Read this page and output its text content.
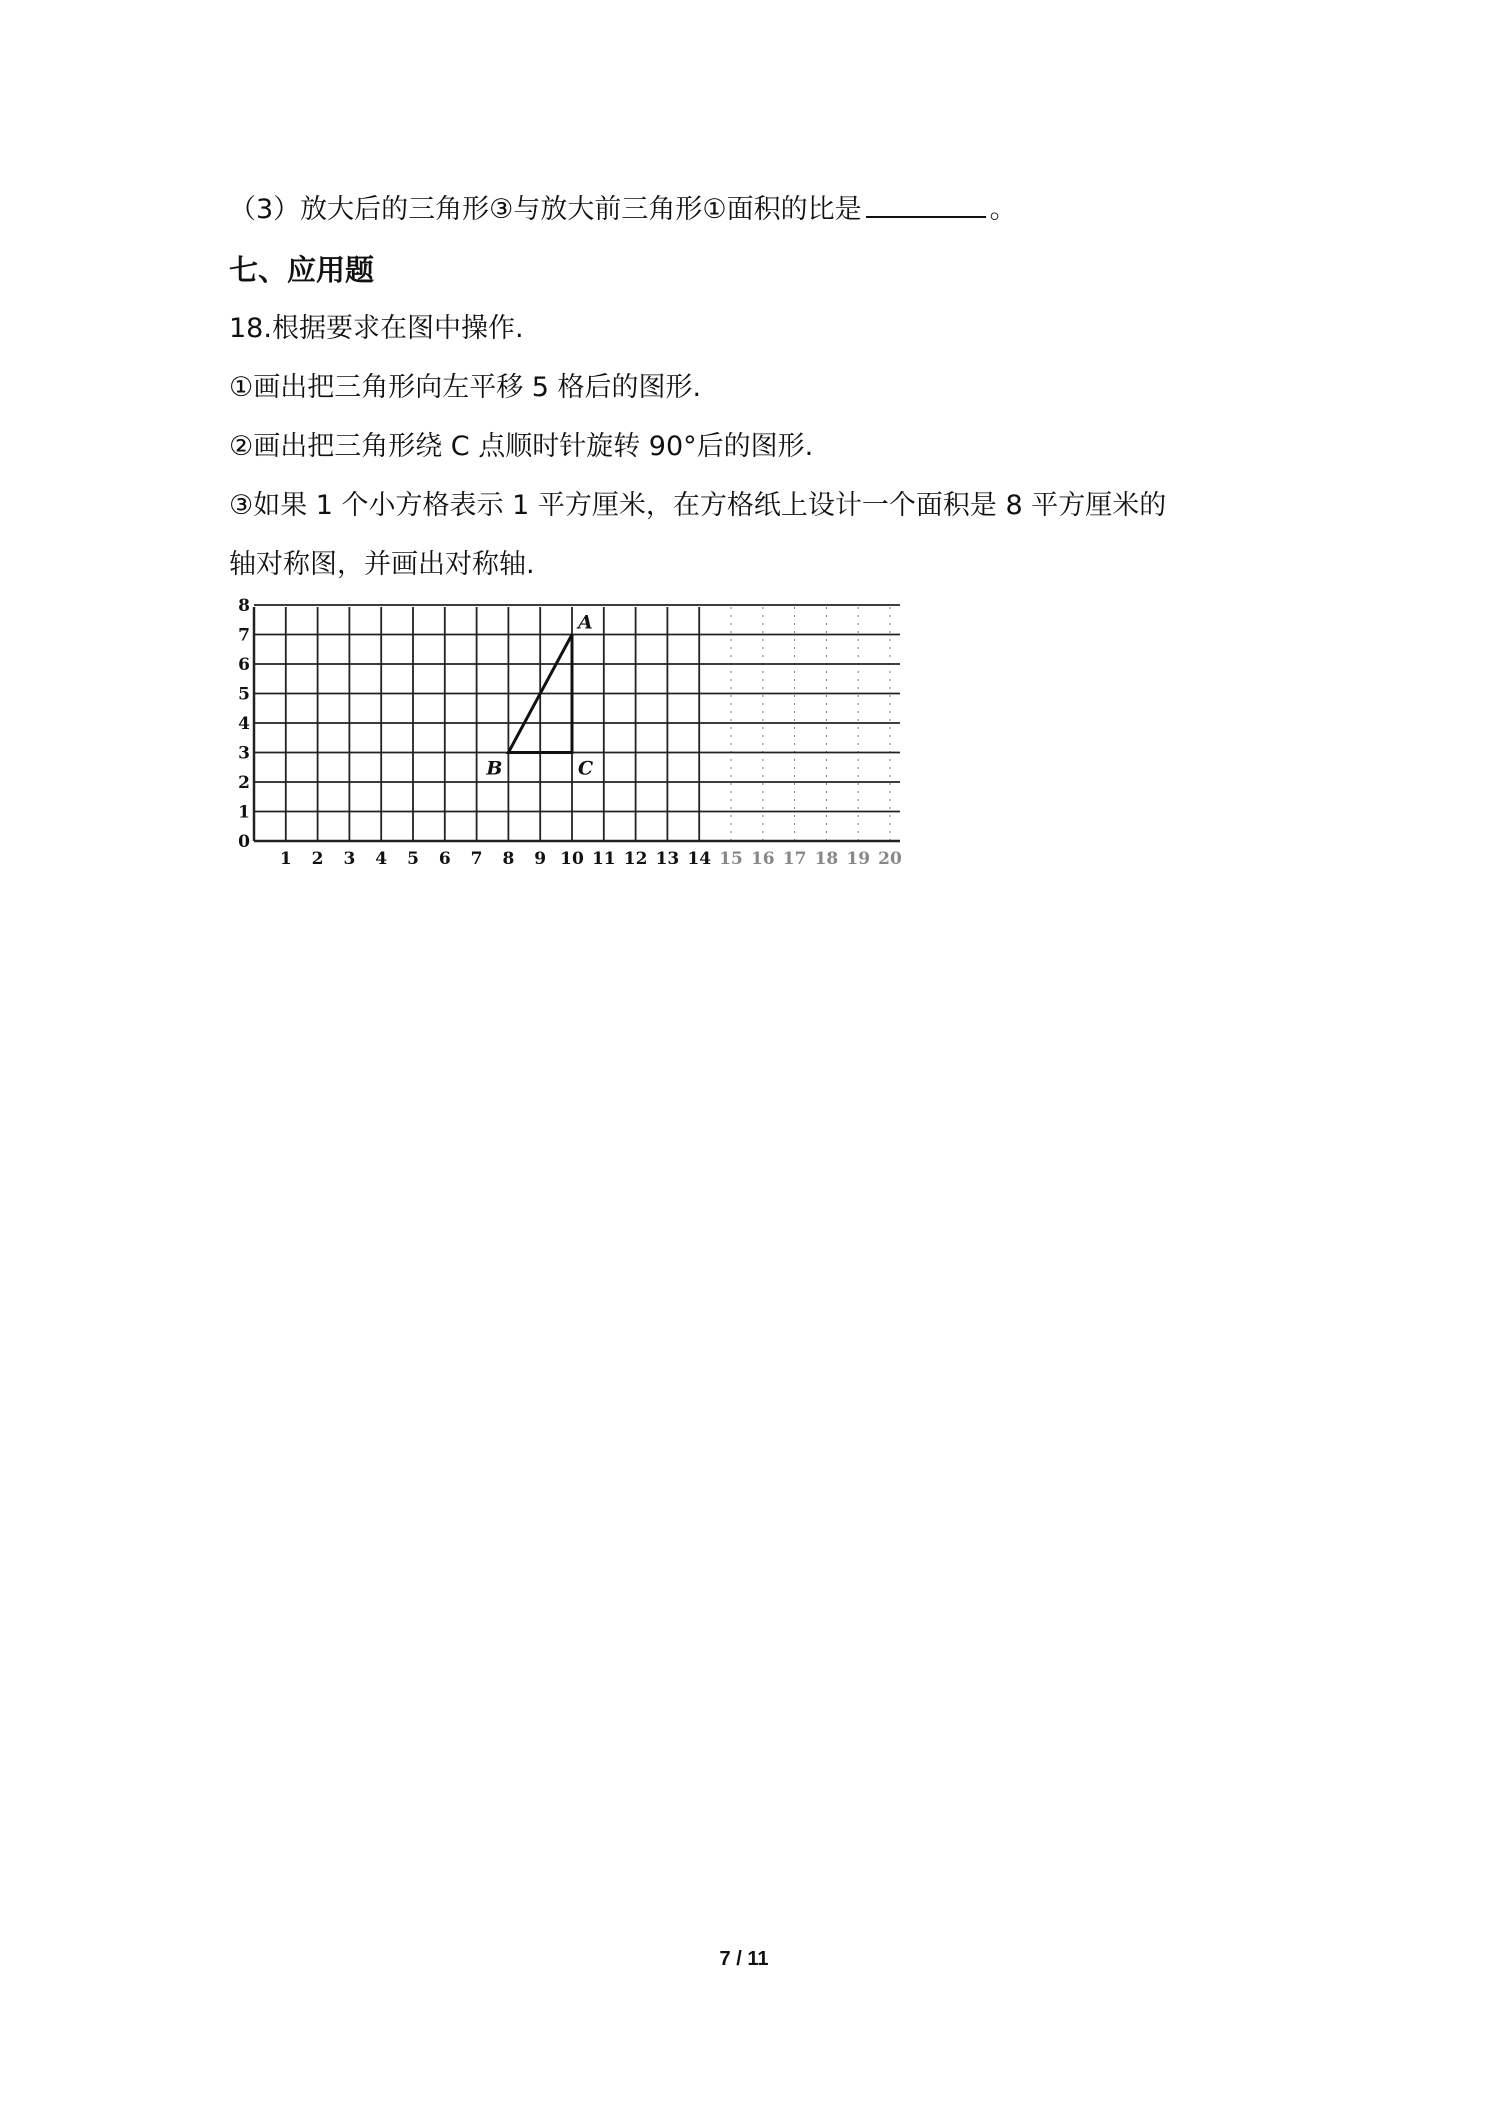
（3）放大后的三角形③与放大前三角形①面积的比是	。
七、应用题
18.根据要求在图中操作.
①画出把三角形向左平移 5 格后的图形.
②画出把三角形绕 C 点顺时针旋转 90°后的图形.
③如果 1 个小方格表示 1 平方厘米，在方格纸上设计一个面积是 8 平方厘米的
轴对称图，并画出对称轴.
1 2 3 4 5 6 7 8 9 10 11 12 13 14 15 16 17 18 19 20
0
1
2
3
4
5
6
7
8
A
B	C
7 / 11
